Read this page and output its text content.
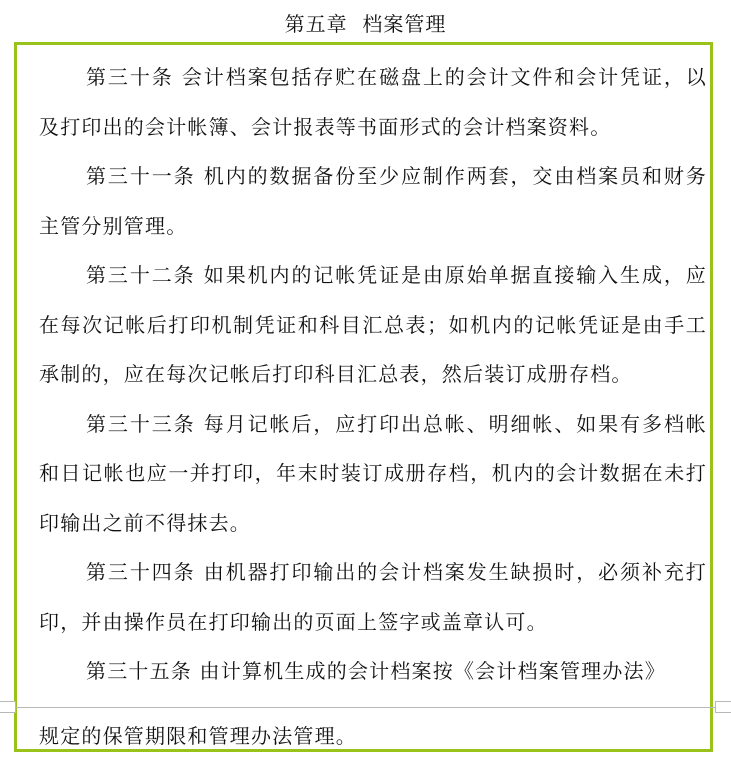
第五章  档案管理

第三十条 会计档案包括存贮在磁盘上的会计文件和会计凭证，以及打印出的会计帐簿、会计报表等书面形式的会计档案资料。

第三十一条 机内的数据备份至少应制作两套，交由档案员和财务主管分别管理。

第三十二条 如果机内的记帐凭证是由原始单据直接输入生成，应在每次记帐后打印机制凭证和科目汇总表；如机内的记帐凭证是由手工承制的，应在每次记帐后打印科目汇总表，然后装订成册存档。

第三十三条 每月记帐后，应打印出总帐、明细帐、如果有多档帐和日记帐也应一并打印，年末时装订成册存档，机内的会计数据在未打印输出之前不得抹去。

第三十四条 由机器打印输出的会计档案发生缺损时，必须补充打印，并由操作员在打印输出的页面上签字或盖章认可。

第三十五条 由计算机生成的会计档案按《会计档案管理办法》

规定的保管期限和管理办法管理。
